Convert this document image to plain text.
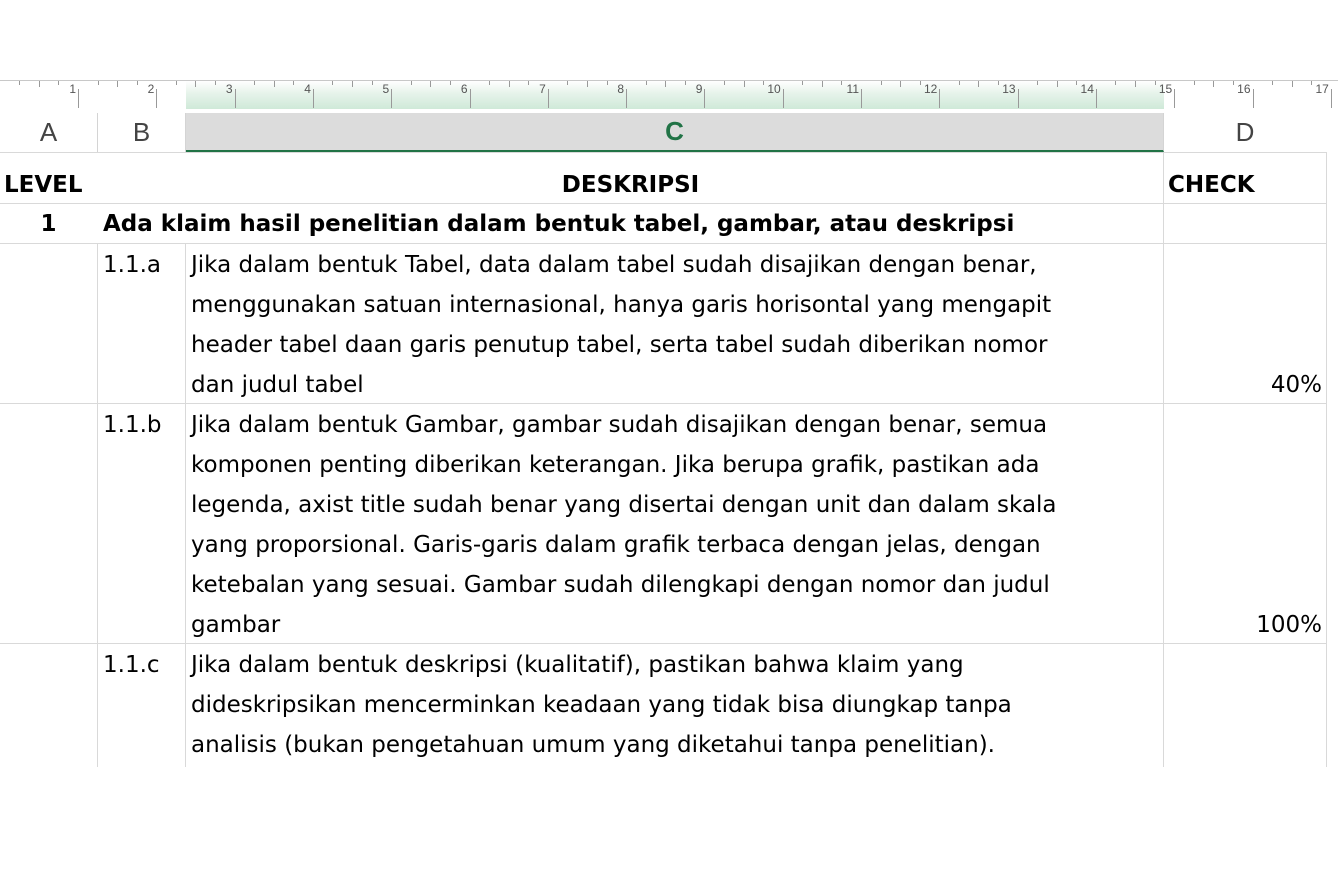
1	2	3	4	5	6	7	8	9	10	11	12	13	14	15	16	17
A	B	C	D
LEVEL	DESKRIPSI	CHECK
1	Ada klaim hasil penelitian dalam bentuk tabel, gambar, atau deskripsi
1.1.a Jika dalam bentuk Tabel, data dalam tabel sudah disajikan dengan benar,
menggunakan satuan internasional, hanya garis horisontal yang mengapit
header tabel daan garis penutup tabel, serta tabel sudah diberikan nomor
dan judul tabel	40%
1.1.b Jika dalam bentuk Gambar, gambar sudah disajikan dengan benar, semua
komponen penting diberikan keterangan. Jika berupa grafik, pastikan ada
legenda, axist title sudah benar yang disertai dengan unit dan dalam skala
yang proporsional. Garis-garis dalam grafik terbaca dengan jelas, dengan
ketebalan yang sesuai. Gambar sudah dilengkapi dengan nomor dan judul
gambar	100%
1.1.c Jika dalam bentuk deskripsi (kualitatif), pastikan bahwa klaim yang
dideskripsikan mencerminkan keadaan yang tidak bisa diungkap tanpa
analisis (bukan pengetahuan umum yang diketahui tanpa penelitian).
